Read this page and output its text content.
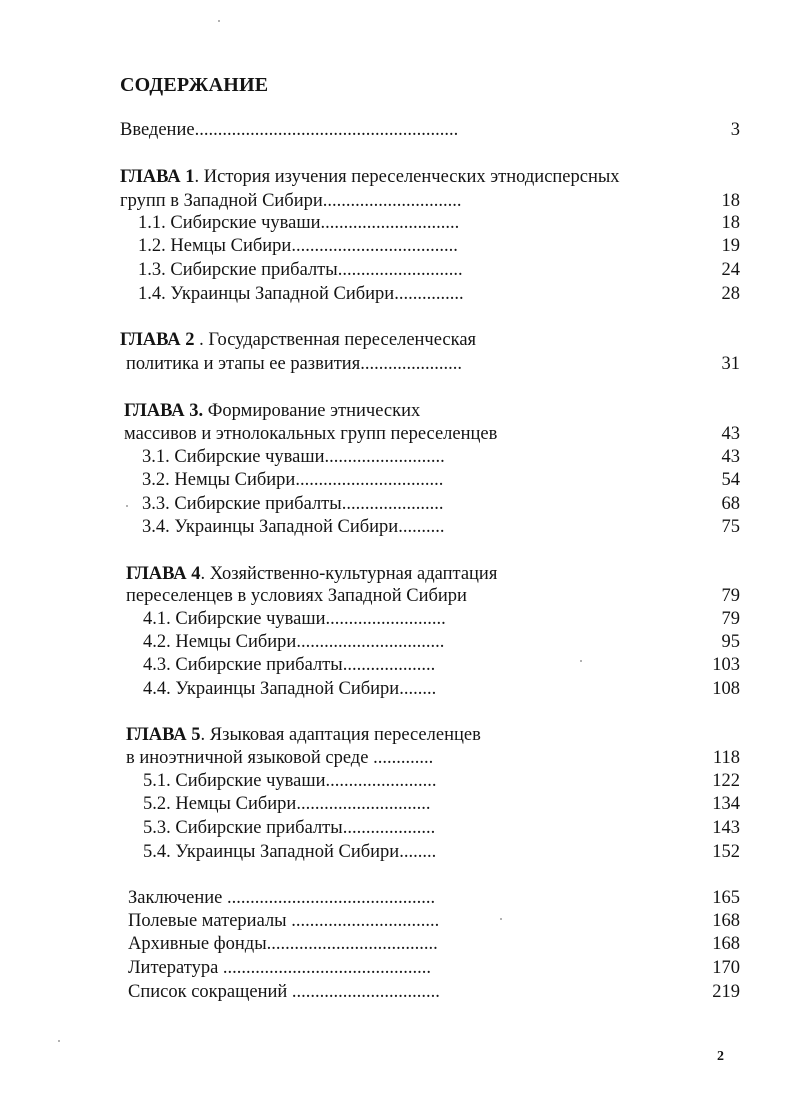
СОДЕРЖАНИЕ
Введение.........................................................	3
ГЛАВА 1. История изучения переселенческих этнодисперсных
групп в Западной Сибири..............................	18
1.1. Сибирские чуваши..............................	18
1.2. Немцы Сибири....................................	19
1.3. Сибирские прибалты...........................	24
1.4. Украинцы Западной Сибири...............	28
ГЛАВА 2 . Государственная переселенческая
политика и этапы ее развития......................	31
ГЛАВА 3. Формирование этнических
массивов и этнолокальных групп переселенцев	43
3.1. Сибирские чуваши..........................	43
3.2. Немцы Сибири................................	54
3.3. Сибирские прибалты......................	68
3.4. Украинцы Западной Сибири..........	75
ГЛАВА 4. Хозяйственно-культурная адаптация
переселенцев в условиях Западной Сибири	79
4.1. Сибирские чуваши..........................	79
4.2. Немцы Сибири................................	95
4.3. Сибирские прибалты....................	103
4.4. Украинцы Западной Сибири........	108
ГЛАВА 5. Языковая адаптация переселенцев
в иноэтничной языковой среде .............	118
5.1. Сибирские чуваши........................	122
5.2. Немцы Сибири.............................	134
5.3. Сибирские прибалты....................	143
5.4. Украинцы Западной Сибири........	152
Заключение .............................................	165
Полевые материалы ................................	168
Архивные фонды.....................................	168
Литература .............................................	170
Список сокращений ................................	219
2
